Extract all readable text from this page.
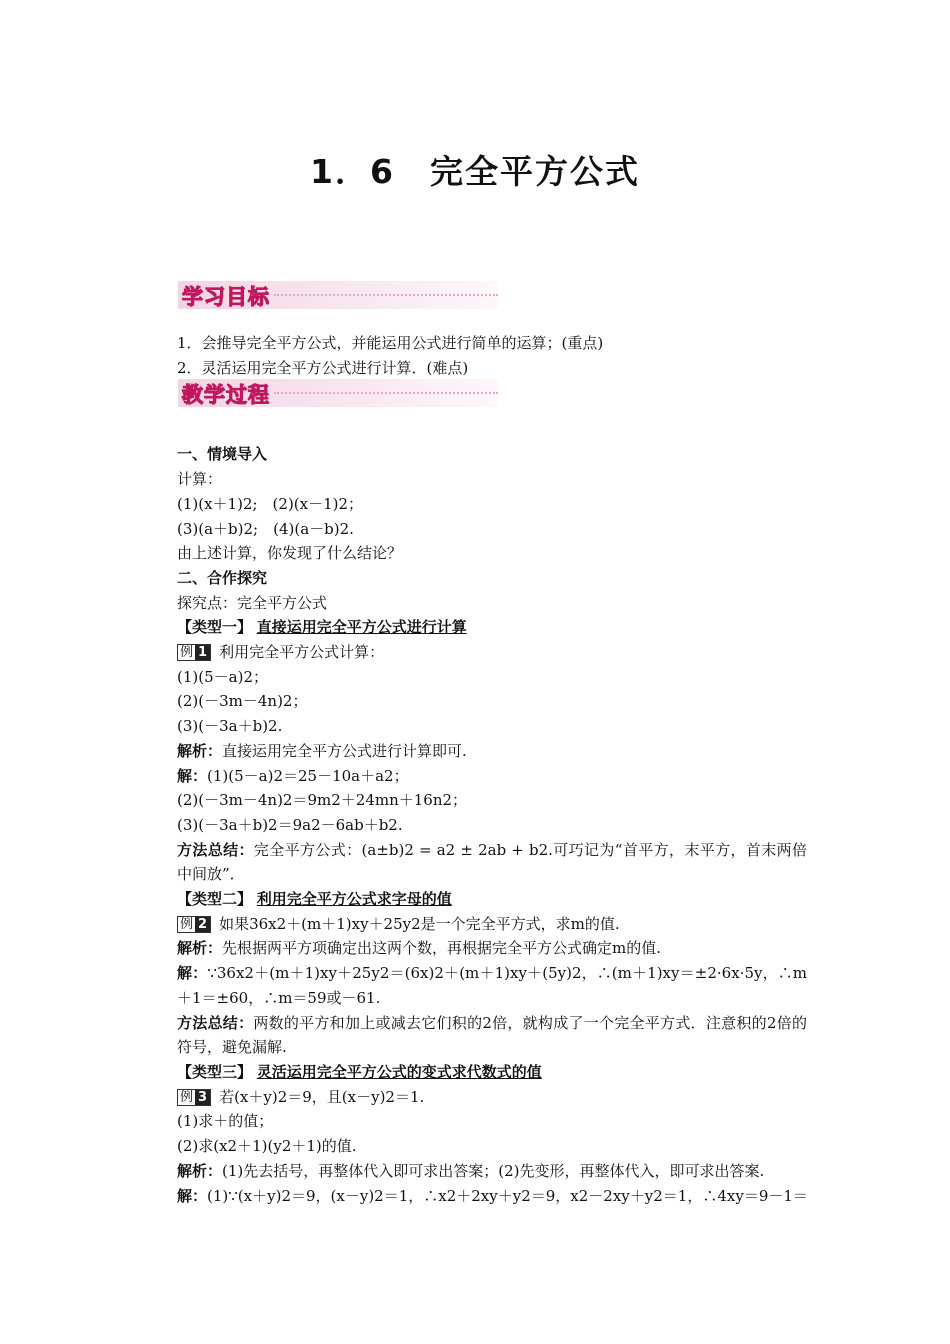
1．6　完全平方公式
学习目标
教学过程
1．会推导完全平方公式，并能运用公式进行简单的运算；(重点)
2．灵活运用完全平方公式进行计算．(难点)
一、情境导入
计算：
(1)(x＋1)2;　(2)(x－1)2；
(3)(a＋b)2;　(4)(a－b)2.
由上述计算，你发现了什么结论？
二、合作探究
探究点：完全平方公式
【类型一】 直接运用完全平方公式进行计算
例 1 利用完全平方公式计算：
(1)(5－a)2；
(2)(－3m－4n)2；
(3)(－3a＋b)2.
解析：直接运用完全平方公式进行计算即可.
解：(1)(5－a)2＝25－10a＋a2；
(2)(－3m－4n)2＝9m2＋24mn＋16n2；
(3)(－3a＋b)2＝9a2－6ab＋b2.
方法总结：完全平方公式：(a±b)2 = a2 ± 2ab + b2.可巧记为“首平方，末平方，首末两倍中间放”．
【类型二】 利用完全平方公式求字母的值
例 2 如果36x2＋(m＋1)xy＋25y2是一个完全平方式，求m的值.
解析：先根据两平方项确定出这两个数，再根据完全平方公式确定m的值.
解：∵36x2＋(m＋1)xy＋25y2＝(6x)2＋(m＋1)xy＋(5y)2，∴(m＋1)xy＝±2·6x·5y，∴m＋1＝±60，∴m＝59或－61.
方法总结：两数的平方和加上或减去它们积的2倍，就构成了一个完全平方式．注意积的2倍的符号，避免漏解.
【类型三】 灵活运用完全平方公式的变式求代数式的值
例 3 若(x＋y)2＝9，且(x－y)2＝1.
(1)求＋的值；
(2)求(x2＋1)(y2＋1)的值.
解析：(1)先去括号，再整体代入即可求出答案；(2)先变形，再整体代入，即可求出答案.
解：(1)∵(x＋y)2＝9，(x－y)2＝1，∴x2＋2xy＋y2＝9，x2－2xy＋y2＝1，∴4xy＝9－1＝
